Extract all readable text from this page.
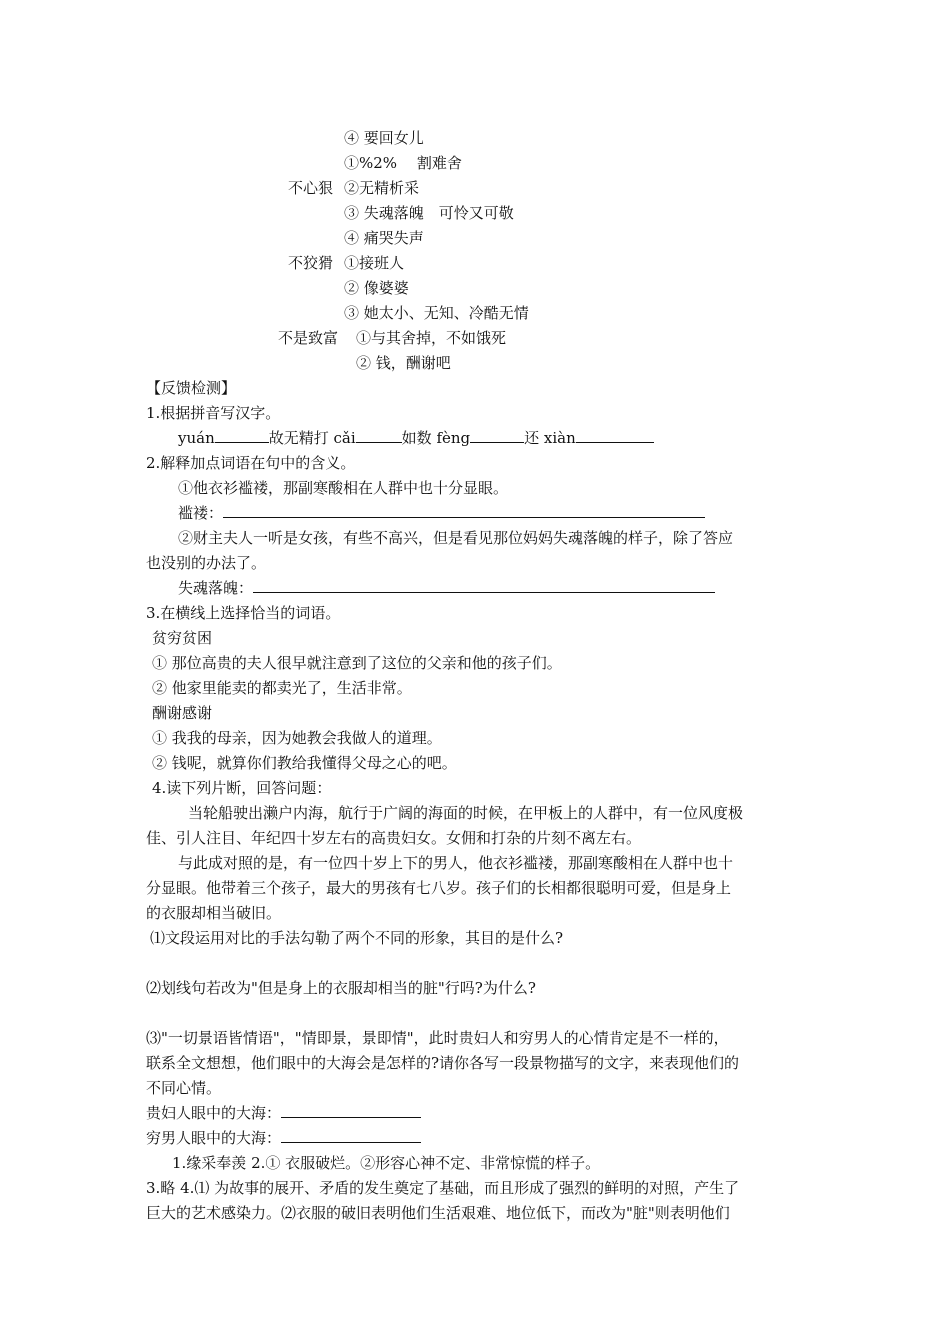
④ 要回女儿
①%2%　 割难舍
不心狠 ②无精析采
③ 失魂落魄　可怜又可敬
④ 痛哭失声
不狡猾 ①接班人
② 像婆婆
③ 她太小、无知、冷酷无情
不是致富 ①与其舍掉，不如饿死
② 钱，酬谢吧
【反馈检测】
1.根据拼音写汉字。
yuán	故无精打 cǎi	如数 fèng	还 xiàn
2.解释加点词语在句中的含义。
①他衣衫褴褛，那副寒酸相在人群中也十分显眼。
褴褛：
②财主夫人一听是女孩，有些不高兴，但是看见那位妈妈失魂落魄的样子，除了答应
也没别的办法了。
失魂落魄：
3.在横线上选择恰当的词语。
贫穷贫困
① 那位高贵的夫人很早就注意到了这位的父亲和他的孩子们。
② 他家里能卖的都卖光了，生活非常。
酬谢感谢
① 我我的母亲，因为她教会我做人的道理。
② 钱呢，就算你们教给我懂得父母之心的吧。
4.读下列片断，回答问题：
当轮船驶出濑户内海，航行于广阔的海面的时候，在甲板上的人群中，有一位风度极
佳、引人注目、年纪四十岁左右的高贵妇女。女佣和打杂的片刻不离左右。
与此成对照的是，有一位四十岁上下的男人，他衣衫褴褛，那副寒酸相在人群中也十
分显眼。他带着三个孩子，最大的男孩有七八岁。孩子们的长相都很聪明可爱，但是身上
的衣服却相当破旧。
⑴文段运用对比的手法勾勒了两个不同的形象，其目的是什么?
⑵划线句若改为"但是身上的衣服却相当的脏"行吗?为什么?
⑶"一切景语皆情语"，"情即景，景即情"，此时贵妇人和穷男人的心情肯定是不一样的，
联系全文想想，他们眼中的大海会是怎样的?请你各写一段景物描写的文字，来表现他们的
不同心情。
贵妇人眼中的大海：
穷男人眼中的大海：
1.缘采奉羡 2.① 衣服破烂。②形容心神不定、非常惊慌的样子。
3.略 4.⑴ 为故事的展开、矛盾的发生奠定了基础，而且形成了强烈的鲜明的对照，产生了
巨大的艺术感染力。⑵衣服的破旧表明他们生活艰难、地位低下，而改为"脏"则表明他们
